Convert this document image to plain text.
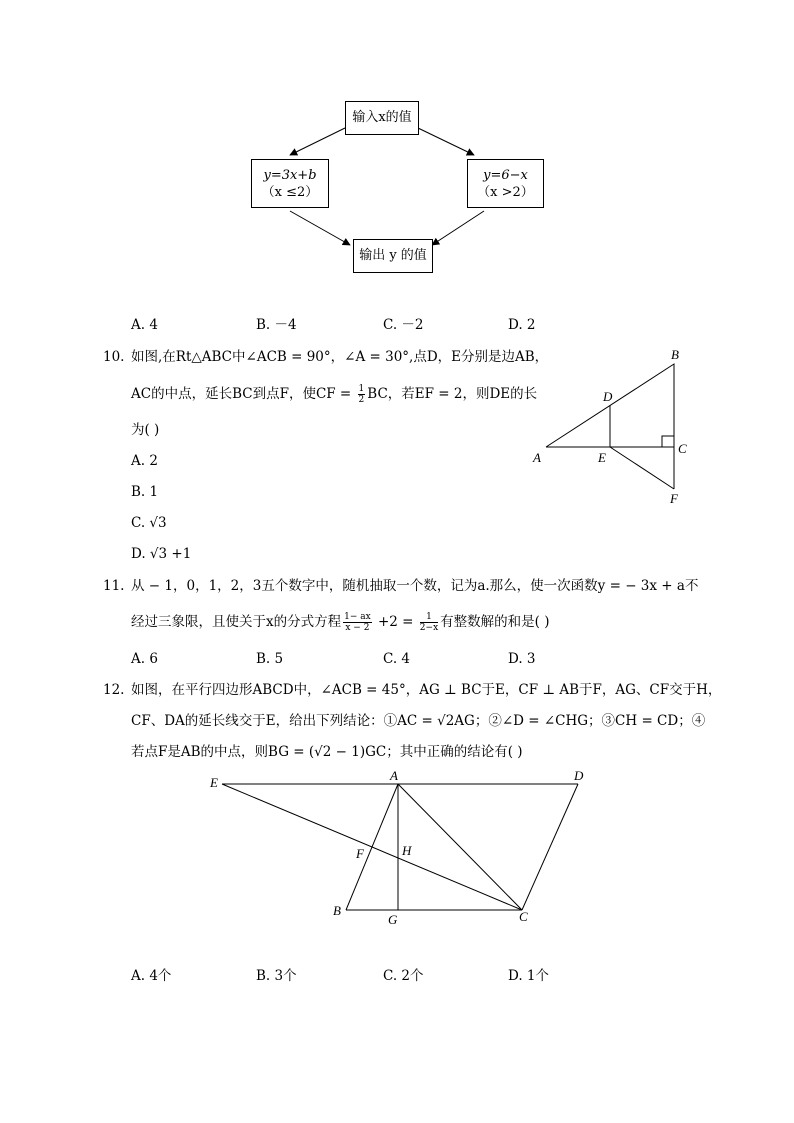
输入x的值
y=3x+b
（x ≤2）
y=6−x
（x >2）
输出 y 的值
A. 4	B. －4	C. －2	D. 2
10. 如图,在Rt△ABC中∠ACB = 90°，∠A = 30°,点D，E分别是边AB，
AC的中点，延长BC到点F，使CF = $\frac{1}{2}$ BC，若EF = 2，则DE的长
为( )
A. 2
B. 1
C. √3
D. √3 +1
B
D
C
A	E
F
11. 从 − 1，0，1，2，3五个数字中，随机抽取一个数，记为a.那么，使一次函数y = − 3x + a不
经过三象限，且使关于x的分式方程 $\frac{1- ax}{x - 2} +2 = \frac{1}{2-x}$ 有整数解的和是( )
A. 6	B. 5	C. 4	D. 3
12. 如图，在平行四边形ABCD中，∠ACB = 45°，AG ⊥ BC于E，CF ⊥ AB于F，AG、CF交于H，
CF、DA的延长线交于E，给出下列结论：①AC = √2AG；②∠D = ∠CHG；③CH = CD；④
若点F是AB的中点，则BG = (√2 − 1)GC；其中正确的结论有( )
E	A	D
F	H
B
G	C
A. 4个	B. 3个	C. 2个	D. 1个
